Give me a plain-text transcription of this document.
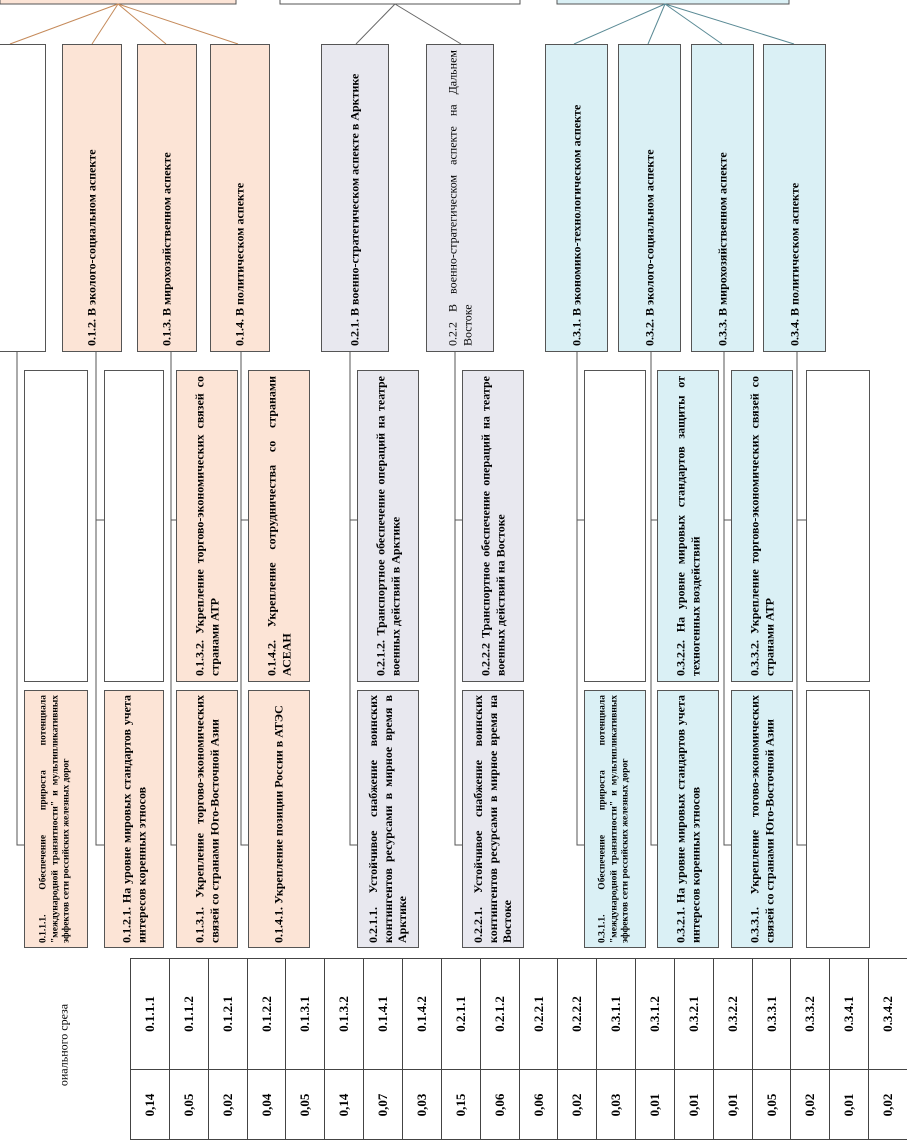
0.1.2. В эколого-социальном аспекте
0.1.3. В мирохозяйственном аспекте
0.1.4. В политическом аспекте
0.2.1. В военно-стратегическом аспекте в Арктике
0.2.2 В военно-стратегическом аспекте на Дальнем Востоке	0.3.1. В экономико-технологическом аспекте
0.3.2. В эколого-социальном аспекте
0.3.3. В мирохозяйственном аспекте
0.3.4. В политическом аспекте
0.1.3.2. Укрепление торгово-экономических связей со странами АТР	0.1.4.2. Укрепление сотрудничества со странами АСЕАН	0.2.1.2. Транспортное обеспечение операций на театре военных действий в Арктике	0.2.2.2 Транспортное обеспечение операций на театре военных действий на Востоке	0.3.2.2. На уровне мировых стандартов защиты от техногенных воздействий	0.3.3.2. Укрепление торгово-экономических связей со странами АТР
0.1.1.1. Обеспечение прироста потенциала "международной транзитности" и мультипликативных эффектов сети российских железных дорог	0.1.2.1. На уровне мировых стандартов учета интересов коренных этносов	0.1.3.1. Укрепление торгово-экономических связей со странами Юго-Восточной Азии	0.1.4.1. Укрепление позиции России в АТЭС	0.2.1.1. Устойчивое снабжение воинских контингентов ресурсами в мирное время в Арктике	0.2.2.1. Устойчивое снабжение воинских контингентов ресурсами в мирное время на Востоке	0.3.1.1. Обеспечение прироста потенциала "международной транзитности" и мультипликативных эффектов сети российских железных дорог	0.3.2.1. На уровне мировых стандартов учета интересов коренных этносов	0.3.3.1. Укрепление тогово-экономических связей со странами Юго-Восточной Азии
оиального среза	0.1.1.1
0,14
0.1.1.2
0,05
0.1.2.1
0,02
0.1.2.2
0,04
0.1.3.1
0,05
0.1.3.2
0,14
0.1.4.1
0,07
0.1.4.2
0,03
0.2.1.1
0,15
0.2.1.2
0,06
0.2.2.1
0,06
0.2.2.2
0,02
0.3.1.1
0,03
0.3.1.2
0,01
0.3.2.1
0,01
0.3.2.2
0,01
0.3.3.1
0,05
0.3.3.2
0,02
0.3.4.1
0,01
0.3.4.2
0,02
